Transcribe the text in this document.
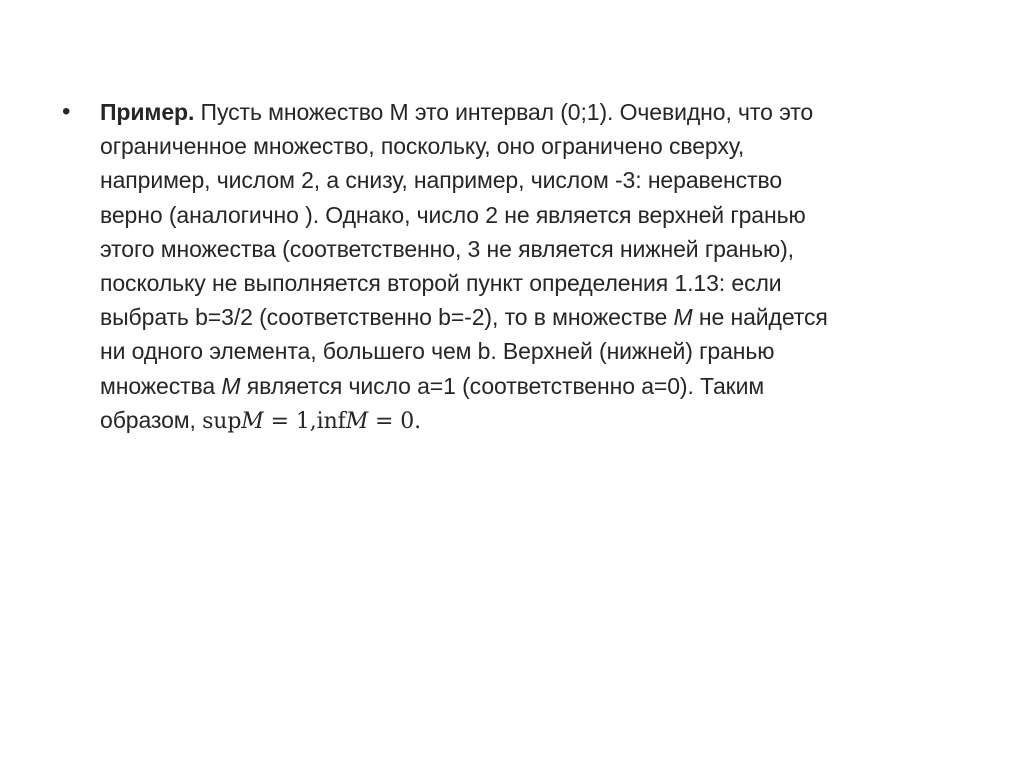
• Пример. Пусть множество М это интервал (0;1). Очевидно, что это
ограниченное множество, поскольку, оно ограничено сверху,
например, числом 2, а снизу, например, числом -3: неравенство
верно (аналогично ). Однако, число 2 не является верхней гранью
этого множества (соответственно, 3 не является нижней гранью),
поскольку не выполняется второй пункт определения 1.13: если
выбрать b=3/2 (соответственно b=-2), то в множестве M не найдется
ни одного элемента, большего чем b. Верхней (нижней) гранью
множества M является число a=1 (соответственно a=0). Таким
образом, sup𝑀 = 1,inf𝑀 = 0.
